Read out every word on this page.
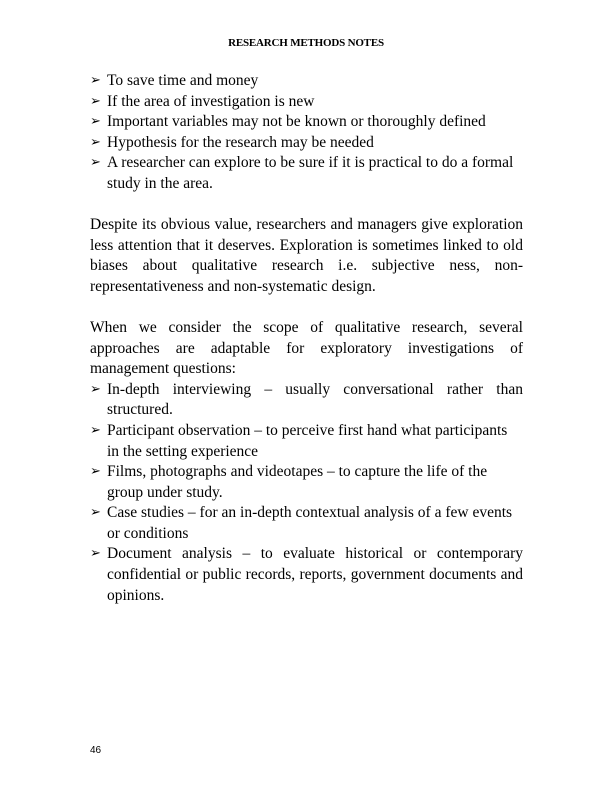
RESEARCH METHODS NOTES
➢ To save time and money
➢ If the area of investigation is new
➢ Important variables may not be known or thoroughly defined
➢ Hypothesis for the research may be needed
➢ A researcher can explore to be sure if it is practical to do a formal study in the area.

Despite its obvious value, researchers and managers give exploration less attention that it deserves. Exploration is sometimes linked to old biases about qualitative research i.e. subjective ness, non-representativeness and non-systematic design.

When we consider the scope of qualitative research, several approaches are adaptable for exploratory investigations of management questions:

➢ In-depth interviewing – usually conversational rather than structured.
➢ Participant observation – to perceive first hand what participants in the setting experience
➢ Films, photographs and videotapes – to capture the life of the group under study.
➢ Case studies – for an in-depth contextual analysis of a few events or conditions
➢ Document analysis – to evaluate historical or contemporary confidential or public records, reports, government documents and opinions.
46
